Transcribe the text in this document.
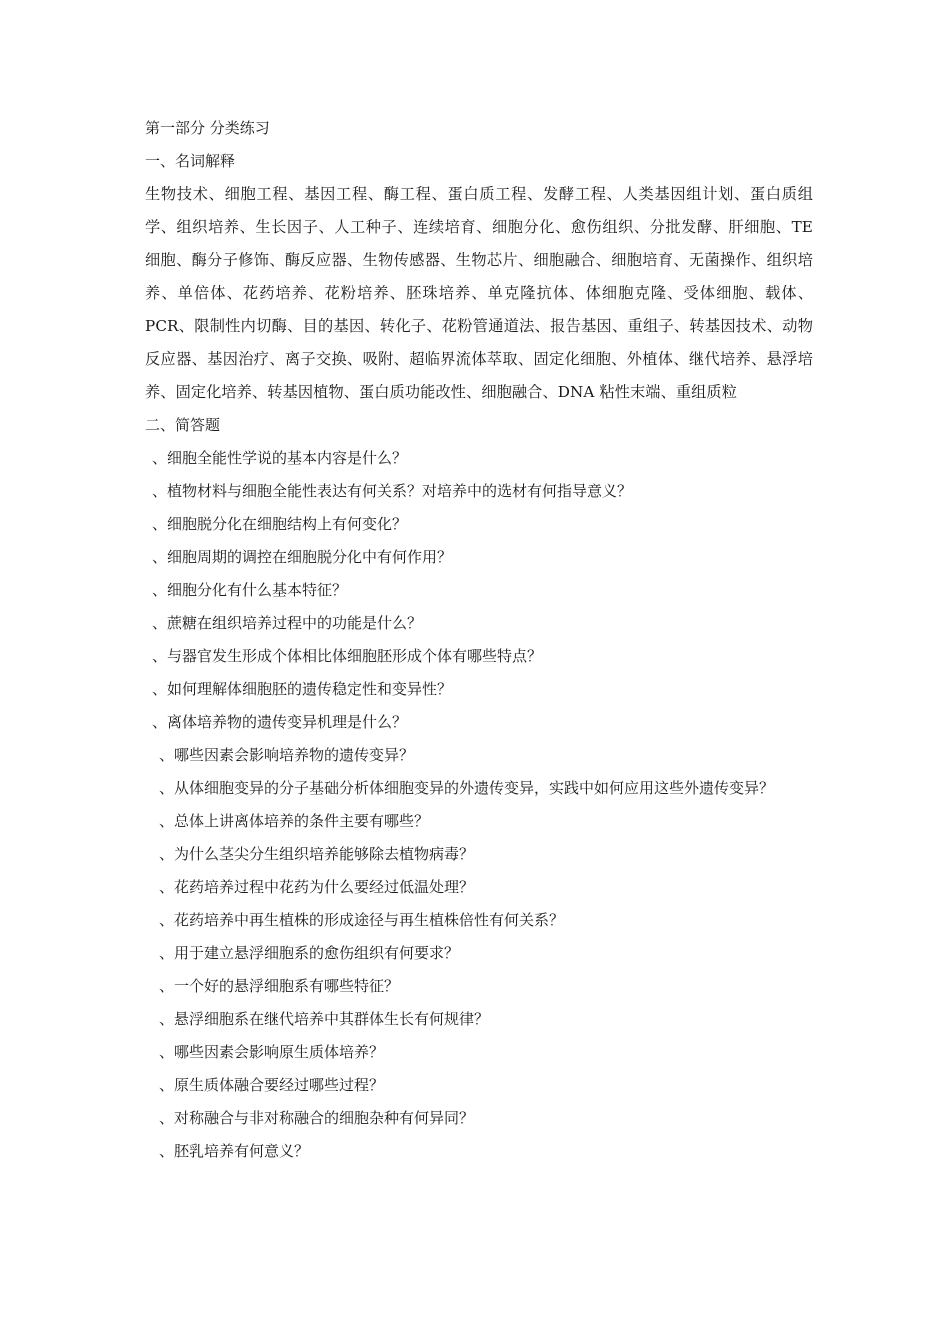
第一部分 分类练习

一、名词解释

生物技术、细胞工程、基因工程、酶工程、蛋白质工程、发酵工程、人类基因组计划、蛋白质组学、组织培养、生长因子、人工种子、连续培育、细胞分化、愈伤组织、分批发酵、肝细胞、TE 细胞、酶分子修饰、酶反应器、生物传感器、生物芯片、细胞融合、细胞培育、无菌操作、组织培养、单倍体、花药培养、花粉培养、胚珠培养、单克隆抗体、体细胞克隆、受体细胞、载体、PCR、限制性内切酶、目的基因、转化子、花粉管通道法、报告基因、重组子、转基因技术、动物反应器、基因治疗、离子交换、吸附、超临界流体萃取、固定化细胞、外植体、继代培养、悬浮培养、固定化培养、转基因植物、蛋白质功能改性、细胞融合、DNA 粘性末端、重组质粒

二、简答题

、细胞全能性学说的基本内容是什么？

、植物材料与细胞全能性表达有何关系？对培养中的选材有何指导意义？

、细胞脱分化在细胞结构上有何变化？

、细胞周期的调控在细胞脱分化中有何作用？

、细胞分化有什么基本特征？

、蔗糖在组织培养过程中的功能是什么？

、与器官发生形成个体相比体细胞胚形成个体有哪些特点？

、如何理解体细胞胚的遗传稳定性和变异性？

、离体培养物的遗传变异机理是什么？

、哪些因素会影响培养物的遗传变异？

、从体细胞变异的分子基础分析体细胞变异的外遗传变异，实践中如何应用这些外遗传变异？

、总体上讲离体培养的条件主要有哪些？

、为什么茎尖分生组织培养能够除去植物病毒？

、花药培养过程中花药为什么要经过低温处理？

、花药培养中再生植株的形成途径与再生植株倍性有何关系？

、用于建立悬浮细胞系的愈伤组织有何要求？

、一个好的悬浮细胞系有哪些特征？

、悬浮细胞系在继代培养中其群体生长有何规律？

、哪些因素会影响原生质体培养？

、原生质体融合要经过哪些过程？

、对称融合与非对称融合的细胞杂种有何异同？

、胚乳培养有何意义？
